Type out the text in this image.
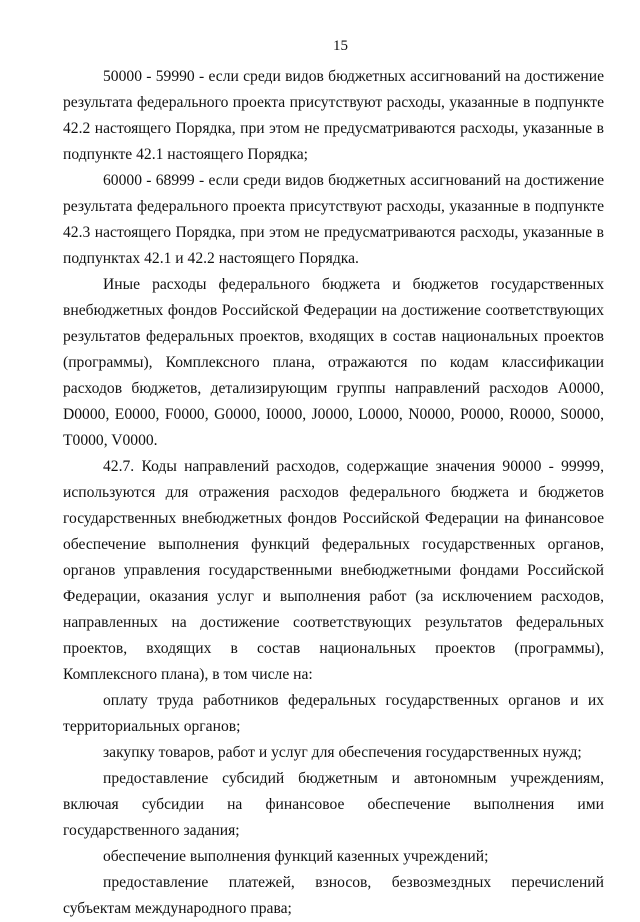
15

50000 - 59990 - если среди видов бюджетных ассигнований на достижение результата федерального проекта присутствуют расходы, указанные в подпункте 42.2 настоящего Порядка, при этом не предусматриваются расходы, указанные в подпункте 42.1 настоящего Порядка;

60000 - 68999 - если среди видов бюджетных ассигнований на достижение результата федерального проекта присутствуют расходы, указанные в подпункте 42.3 настоящего Порядка, при этом не предусматриваются расходы, указанные в подпунктах 42.1 и 42.2 настоящего Порядка.

Иные расходы федерального бюджета и бюджетов государственных внебюджетных фондов Российской Федерации на достижение соответствующих результатов федеральных проектов, входящих в состав национальных проектов (программы), Комплексного плана, отражаются по кодам классификации расходов бюджетов, детализирующим группы направлений расходов A0000, D0000, E0000, F0000, G0000, I0000, J0000, L0000, N0000, P0000, R0000, S0000, T0000, V0000.

42.7. Коды направлений расходов, содержащие значения 90000 - 99999, используются для отражения расходов федерального бюджета и бюджетов государственных внебюджетных фондов Российской Федерации на финансовое обеспечение выполнения функций федеральных государственных органов, органов управления государственными внебюджетными фондами Российской Федерации, оказания услуг и выполнения работ (за исключением расходов, направленных на достижение соответствующих результатов федеральных проектов, входящих в состав национальных проектов (программы), Комплексного плана), в том числе на:

оплату труда работников федеральных государственных органов и их территориальных органов;

закупку товаров, работ и услуг для обеспечения государственных нужд;

предоставление субсидий бюджетным и автономным учреждениям, включая субсидии на финансовое обеспечение выполнения ими государственного задания;

обеспечение выполнения функций казенных учреждений;

предоставление платежей, взносов, безвозмездных перечислений субъектам международного права;
